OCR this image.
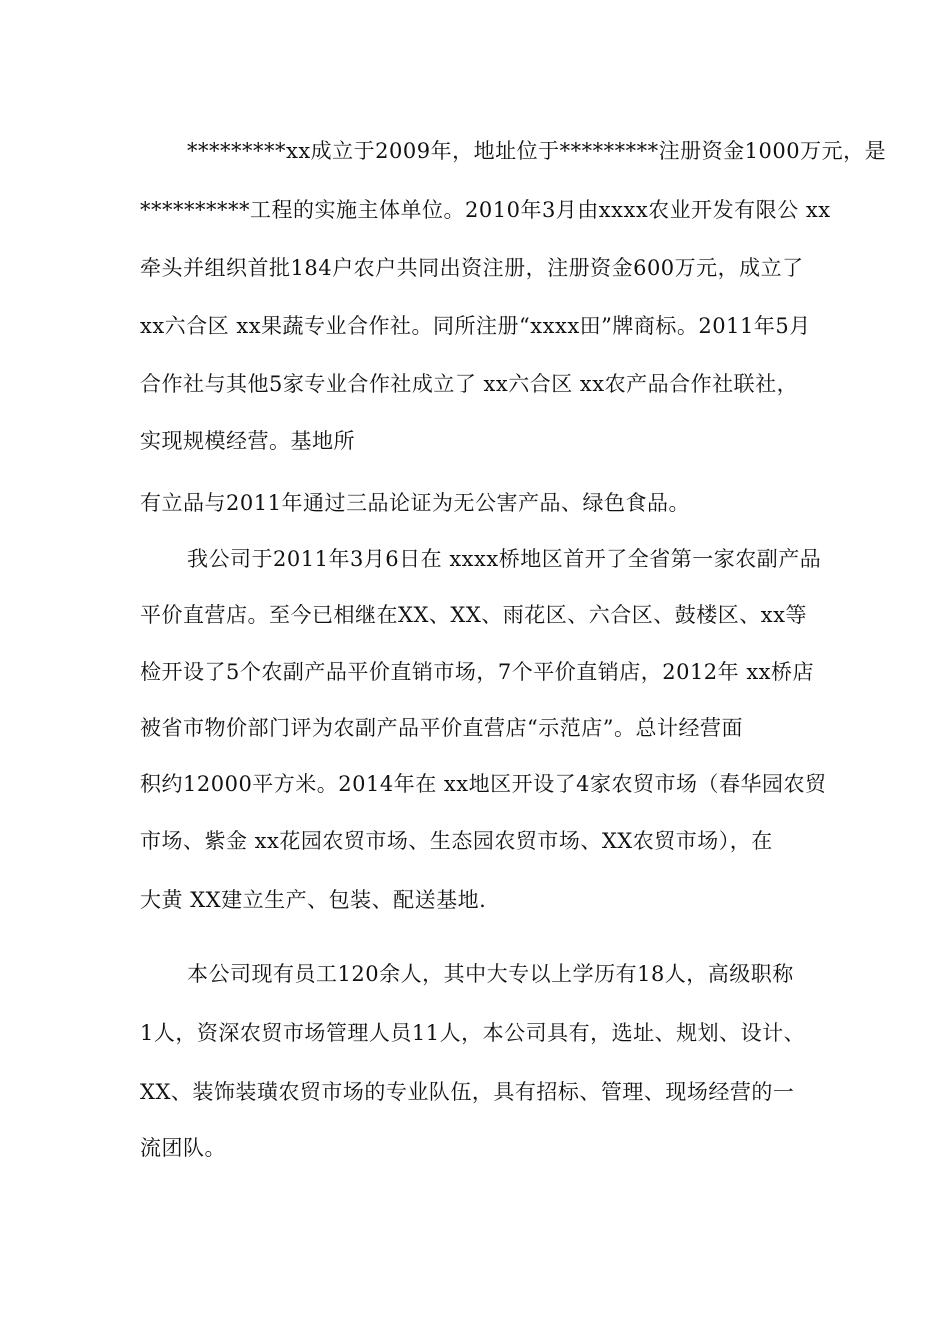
*********xx成立于2009年，地址位于*********注册资金1000万元，是
**********工程的实施主体单位。2010年3月由xxxx农业开发有限公 xx
牵头并组织首批184户农户共同出资注册，注册资金600万元，成立了
xx六合区 xx果蔬专业合作社。同所注册“xxxx田”牌商标。2011年5月
合作社与其他5家专业合作社成立了 xx六合区 xx农产品合作社联社，
实现规模经营。基地所
有立品与2011年通过三品论证为无公害产品、绿色食品。
我公司于2011年3月6日在 xxxx桥地区首开了全省第一家农副产品
平价直营店。至今已相继在XX、XX、雨花区、六合区、鼓楼区、xx等
检开设了5个农副产品平价直销市场，7个平价直销店，2012年 xx桥店
被省市物价部门评为农副产品平价直营店“示范店”。总计经营面
积约12000平方米。2014年在 xx地区开设了4家农贸市场（春华园农贸
市场、紫金 xx花园农贸市场、生态园农贸市场、XX农贸市场），在
大黄 XX建立生产、包装、配送基地.
本公司现有员工120余人，其中大专以上学历有18人，高级职称
1人，资深农贸市场管理人员11人，本公司具有，选址、规划、设计、
XX、装饰装璜农贸市场的专业队伍，具有招标、管理、现场经营的一
流团队。
